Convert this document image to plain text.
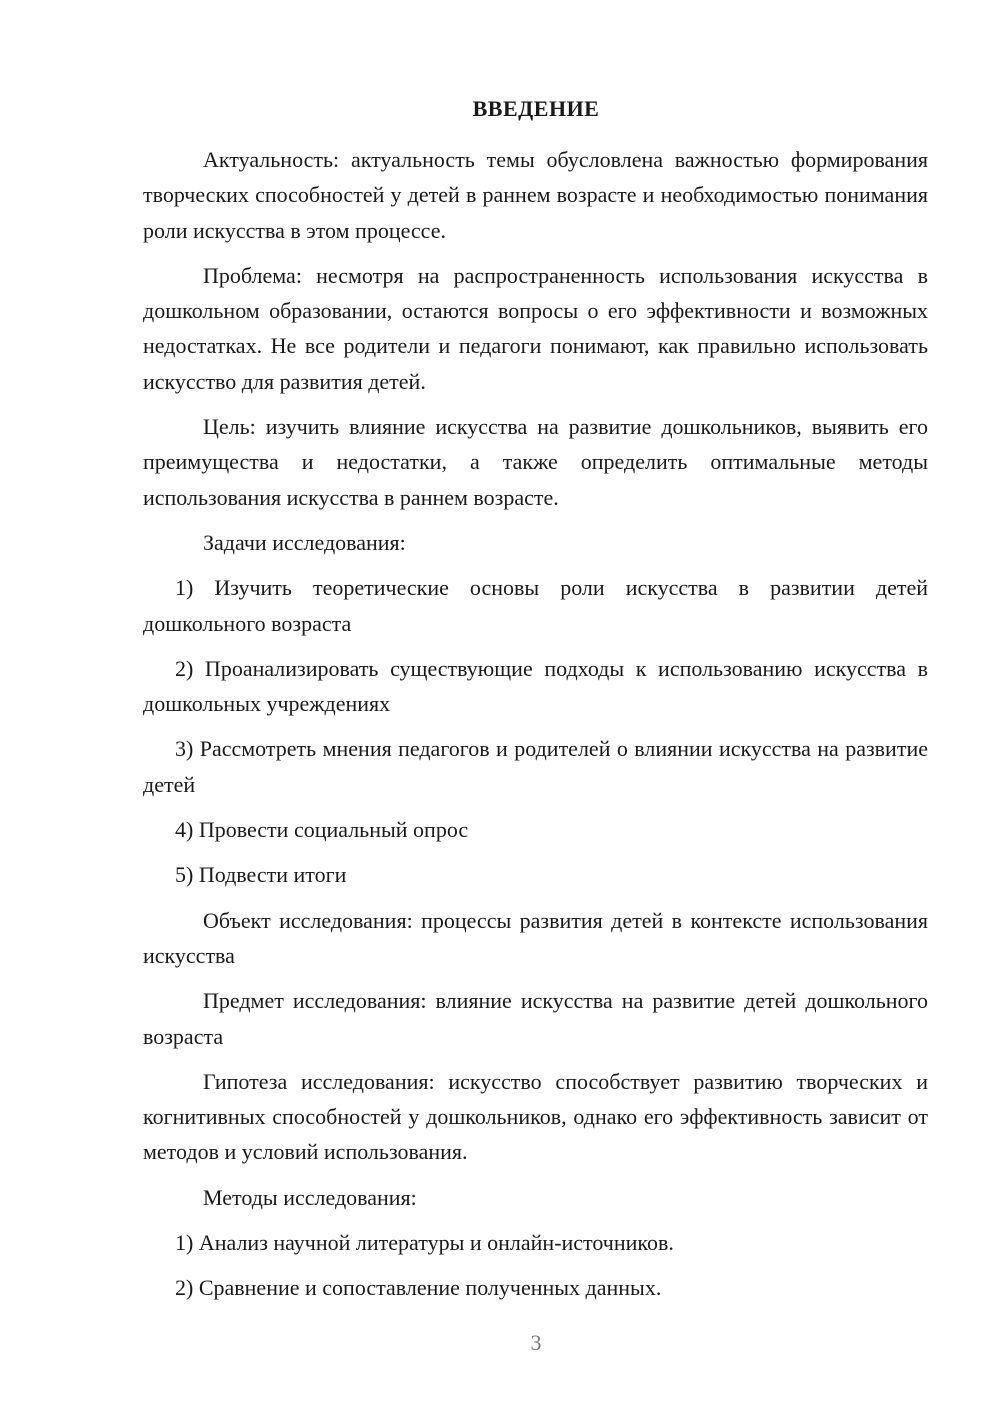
ВВЕДЕНИЕ

Актуальность: актуальность темы обусловлена важностью формирования творческих способностей у детей в раннем возрасте и необходимостью понимания роли искусства в этом процессе.

Проблема: несмотря на распространенность использования искусства в дошкольном образовании, остаются вопросы о его эффективности и возможных недостатках. Не все родители и педагоги понимают, как правильно использовать искусство для развития детей.

Цель: изучить влияние искусства на развитие дошкольников, выявить его преимущества и недостатки, а также определить оптимальные методы использования искусства в раннем возрасте.

Задачи исследования:

1) Изучить теоретические основы роли искусства в развитии детей дошкольного возраста

2) Проанализировать существующие подходы к использованию искусства в дошкольных учреждениях

3) Рассмотреть мнения педагогов и родителей о влиянии искусства на развитие детей

4) Провести социальный опрос

5) Подвести итоги

Объект исследования: процессы развития детей в контексте использования искусства

Предмет исследования: влияние искусства на развитие детей дошкольного возраста

Гипотеза исследования: искусство способствует развитию творческих и когнитивных способностей у дошкольников, однако его эффективность зависит от методов и условий использования.

Методы исследования:

1) Анализ научной литературы и онлайн-источников.

2) Сравнение и сопоставление полученных данных.

3
